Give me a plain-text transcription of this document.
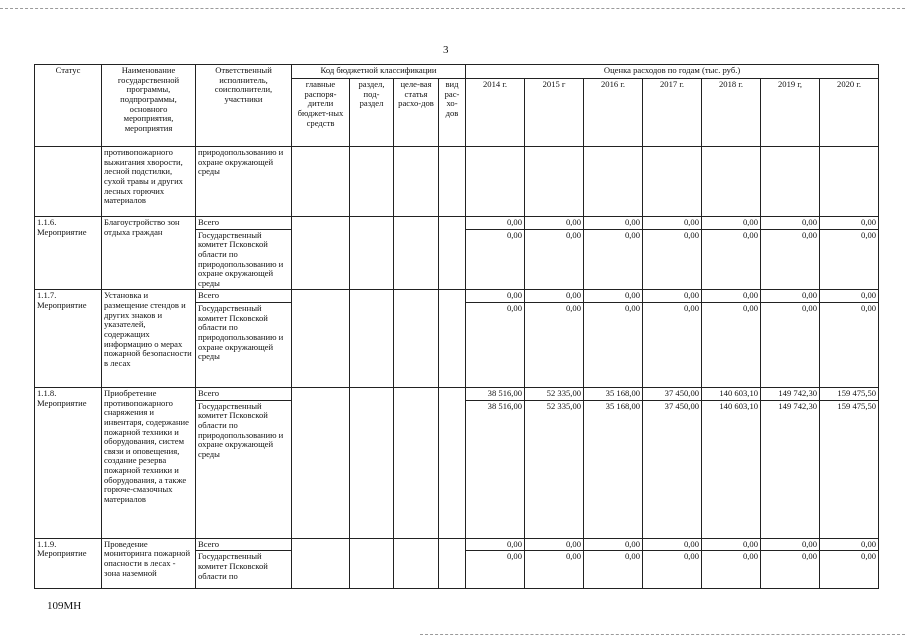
3
Статус	Наименование государственной программы, подпрограммы, основного мероприятия, мероприятия	Ответственный исполнитель, соисполнители, участники	Код бюджетной классификации				Оценка расходов по годам (тыс. руб.)						
			главные распоря-дители бюджет-ных средств	раздел, под-раздел	целе-вая статья расхо-дов	вид рас-хо-дов	2014 г.	2015 г	2016 г.	2017 г.	2018 г.	2019 г,	2020 г.
	противопожарного выжигания хворости, лесной подстилки, сухой травы и других лесных горючих материалов	природопользованию и охране окружающей среды											
1.1.6.
Мероприятие	Благоустройство зон отдыха граждан	Всего					0,00	0,00	0,00	0,00	0,00	0,00	0,00
		Государственный комитет Псковской области по природопользованию и охране окружающей среды					0,00	0,00	0,00	0,00	0,00	0,00	0,00
1.1.7.
Мероприятие	Установка и размещение стендов и других знаков и указателей, содержащих информацию о мерах пожарной безопасности в лесах	Всего					0,00	0,00	0,00	0,00	0,00	0,00	0,00
		Государственный комитет Псковской области по природопользованию и охране окружающей среды					0,00	0,00	0,00	0,00	0,00	0,00	0,00
1.1.8.
Мероприятие	Приобретение противопожарного снаряжения и инвентаря, содержание пожарной техники и оборудования, систем связи и оповещения, создание резерва пожарной техники и оборудования, а также горюче-смазочных материалов	Всего					38 516,00	52 335,00	35 168,00	37 450,00	140 603,10	149 742,30	159 475,50
		Государственный комитет Псковской области по природопользованию и охране окружающей среды					38 516,00	52 335,00	35 168,00	37 450,00	140 603,10	149 742,30	159 475,50
1.1.9.
Мероприятие	Проведение мониторинга пожарной опасности в лесах - зона наземной	Всего					0,00	0,00	0,00	0,00	0,00	0,00	0,00
		Государственный комитет Псковской области по					0,00	0,00	0,00	0,00	0,00	0,00	0,00
109МН
